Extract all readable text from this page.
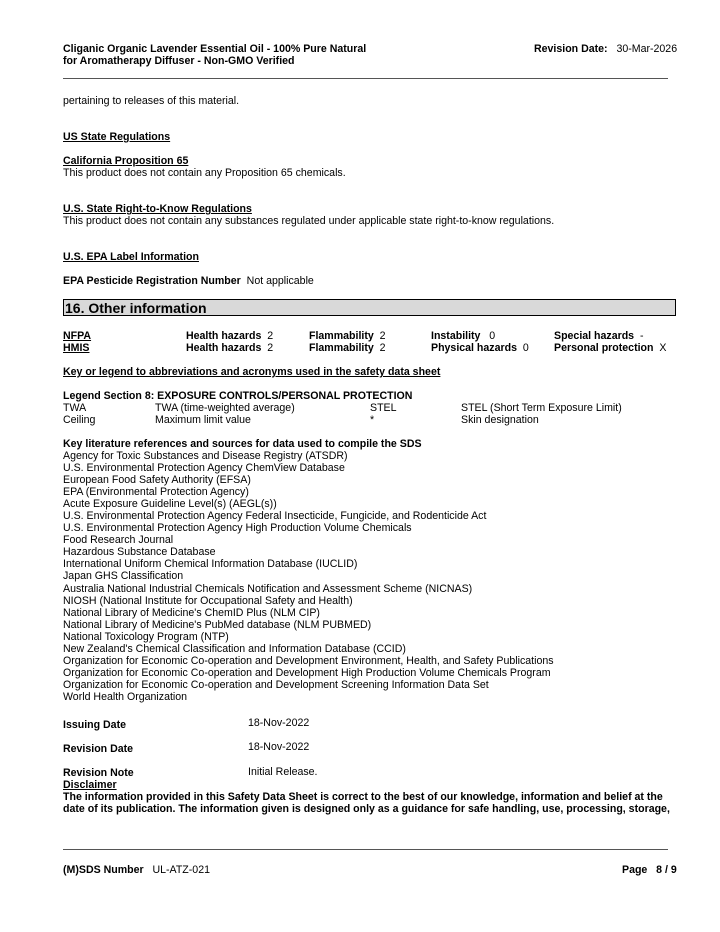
Cliganic Organic Lavender Essential Oil - 100% Pure Natural
for Aromatherapy Diffuser - Non-GMO Verified
Revision Date: 30-Mar-2026
pertaining to releases of this material.
US State Regulations
California Proposition 65
This product does not contain any Proposition 65 chemicals.
U.S. State Right-to-Know Regulations
This product does not contain any substances regulated under applicable state right-to-know regulations.
U.S. EPA Label Information
EPA Pesticide Registration Number Not applicable
16. Other information
NFPA	Health hazards 2	Flammability 2	Instability 0	Special hazards -
HMIS	Health hazards 2	Flammability 2	Physical hazards 0 Personal protection X
Key or legend to abbreviations and acronyms used in the safety data sheet
Legend Section 8: EXPOSURE CONTROLS/PERSONAL PROTECTION
TWA	TWA (time-weighted average)	STEL	STEL (Short Term Exposure Limit)
Ceiling	Maximum limit value	*	Skin designation
Key literature references and sources for data used to compile the SDS
Agency for Toxic Substances and Disease Registry (ATSDR)
U.S. Environmental Protection Agency ChemView Database
European Food Safety Authority (EFSA)
EPA (Environmental Protection Agency)
Acute Exposure Guideline Level(s) (AEGL(s))
U.S. Environmental Protection Agency Federal Insecticide, Fungicide, and Rodenticide Act
U.S. Environmental Protection Agency High Production Volume Chemicals
Food Research Journal
Hazardous Substance Database
International Uniform Chemical Information Database (IUCLID)
Japan GHS Classification
Australia National Industrial Chemicals Notification and Assessment Scheme (NICNAS)
NIOSH (National Institute for Occupational Safety and Health)
National Library of Medicine's ChemID Plus (NLM CIP)
National Library of Medicine's PubMed database (NLM PUBMED)
National Toxicology Program (NTP)
New Zealand's Chemical Classification and Information Database (CCID)
Organization for Economic Co-operation and Development Environment, Health, and Safety Publications
Organization for Economic Co-operation and Development High Production Volume Chemicals Program
Organization for Economic Co-operation and Development Screening Information Data Set
World Health Organization
Issuing Date	18-Nov-2022
Revision Date	18-Nov-2022
Revision Note	Initial Release.
Disclaimer
The information provided in this Safety Data Sheet is correct to the best of our knowledge, information and belief at the
date of its publication. The information given is designed only as a guidance for safe handling, use, processing, storage,
(M)SDS Number UL-ATZ-021	Page 8 / 9
